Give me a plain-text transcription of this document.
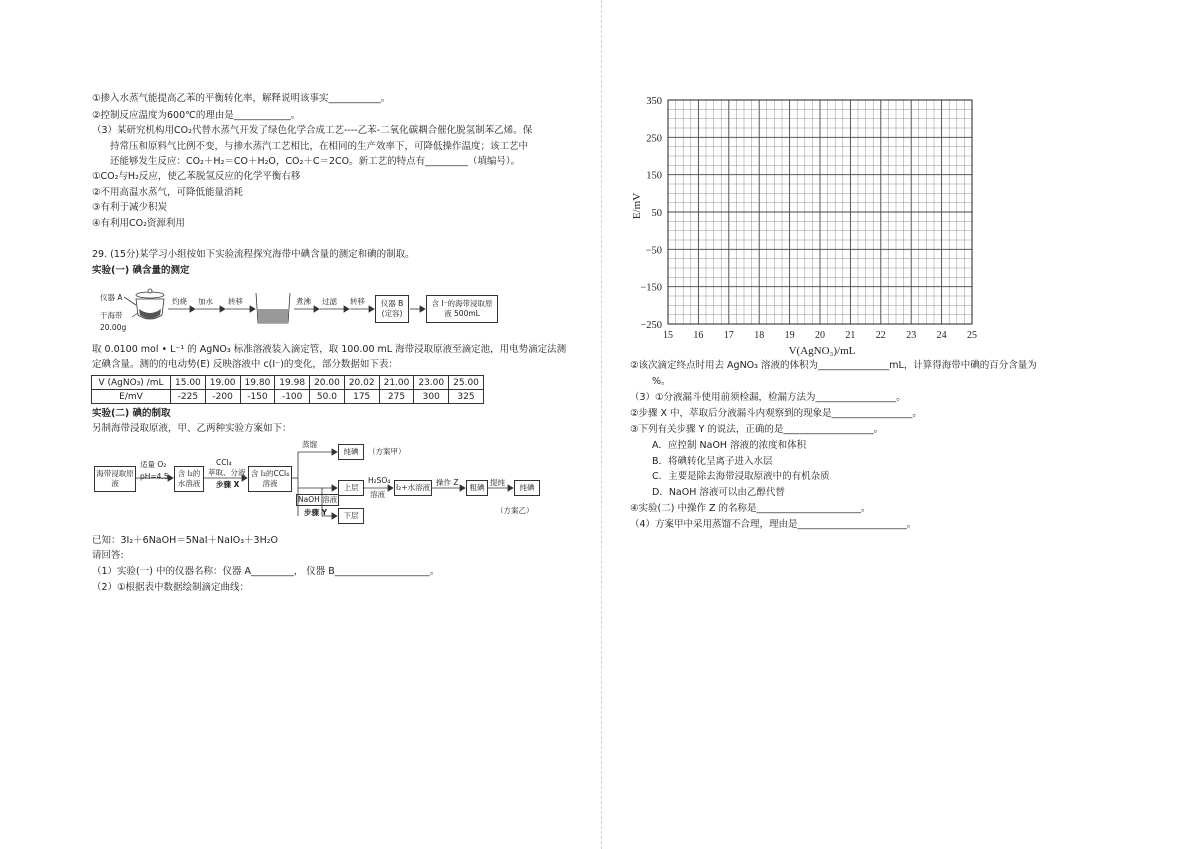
①掺入水蒸气能提高乙苯的平衡转化率，解释说明该事实___________。
②控制反应温度为600℃的理由是____________。
（3）某研究机构用CO₂代替水蒸气开发了绿色化学合成工艺----乙苯-二氧化碳耦合催化脱氢制苯乙烯。保
持常压和原料气比例不变，与掺水蒸汽工艺相比，在相同的生产效率下，可降低操作温度；该工艺中
还能够发生反应：CO₂＋H₂＝CO＋H₂O，CO₂＋C＝2CO。新工艺的特点有_________（填编号）。
①CO₂与H₂反应，使乙苯脱氢反应的化学平衡右移
②不用高温水蒸气，可降低能量消耗
③有利于减少积炭
④有利用CO₂资源利用
29. (15分)某学习小组按如下实验流程探究海带中碘含量的测定和碘的制取。
实验(一) 碘含量的测定
仪器 A
干海带
20.00g
灼烧 加水 转移	煮沸 过滤 转移 仪器 B
(定容)
含 I⁻的海带浸取原液 500mL
取 0.0100 mol • L⁻¹ 的 AgNO₃ 标准溶液装入滴定管，取 100.00 mL 海带浸取原液至滴定池，用电势滴定法测
定碘含量。测的的电动势(E) 反映溶液中 c(I⁻)的变化，部分数据如下表：
V (AgNO₃) /mL	15.00	19.00	19.80	19.98	20.00	20.02	21.00	23.00	25.00
E/mV	-225	-200	-150	-100	50.0	175	275	300	325
实验(二) 碘的制取
另制海带浸取原液，甲、乙两种实验方案如下：
海带浸取原液
适量 O₂
pH=4.5	含 I₂的水溶液
CCl₄
萃取、分液
步骤 X
含 I₂的CCl₄溶液
蒸馏
纯碘 （方案甲）
NaOH 溶液
步骤 Y
上层
H₂SO₄
溶液
I₂+水溶液
操作 Z
粗碘
提纯
纯碘
下层
（方案乙）
已知：3I₂＋6NaOH＝5NaI＋NaIO₃＋3H₂O
请回答:
（1）实验(一) 中的仪器名称：仪器 A_________， 仪器 B____________________。
（2）①根据表中数据绘制滴定曲线：
350
250
150
50
−50
−150
−250
15 16 17 18 19 20 21 22 23 24 25
E/mV
V(AgNO₃)/mL
②该次滴定终点时用去 AgNO₃ 溶液的体积为_______________mL，计算得海带中碘的百分含量为
%。
（3）①分液漏斗使用前须检漏，检漏方法为_________________。
②步骤 X 中，萃取后分液漏斗内观察到的现象是_________________。
③下列有关步骤 Y 的说法，正确的是___________________。
A．应控制 NaOH 溶液的浓度和体积
B．将碘转化呈离子进入水层
C．主要是除去海带浸取原液中的有机杂质
D．NaOH 溶液可以由乙醇代替
④实验(二) 中操作 Z 的名称是______________________。
（4）方案甲中采用蒸馏不合理，理由是_______________________。
